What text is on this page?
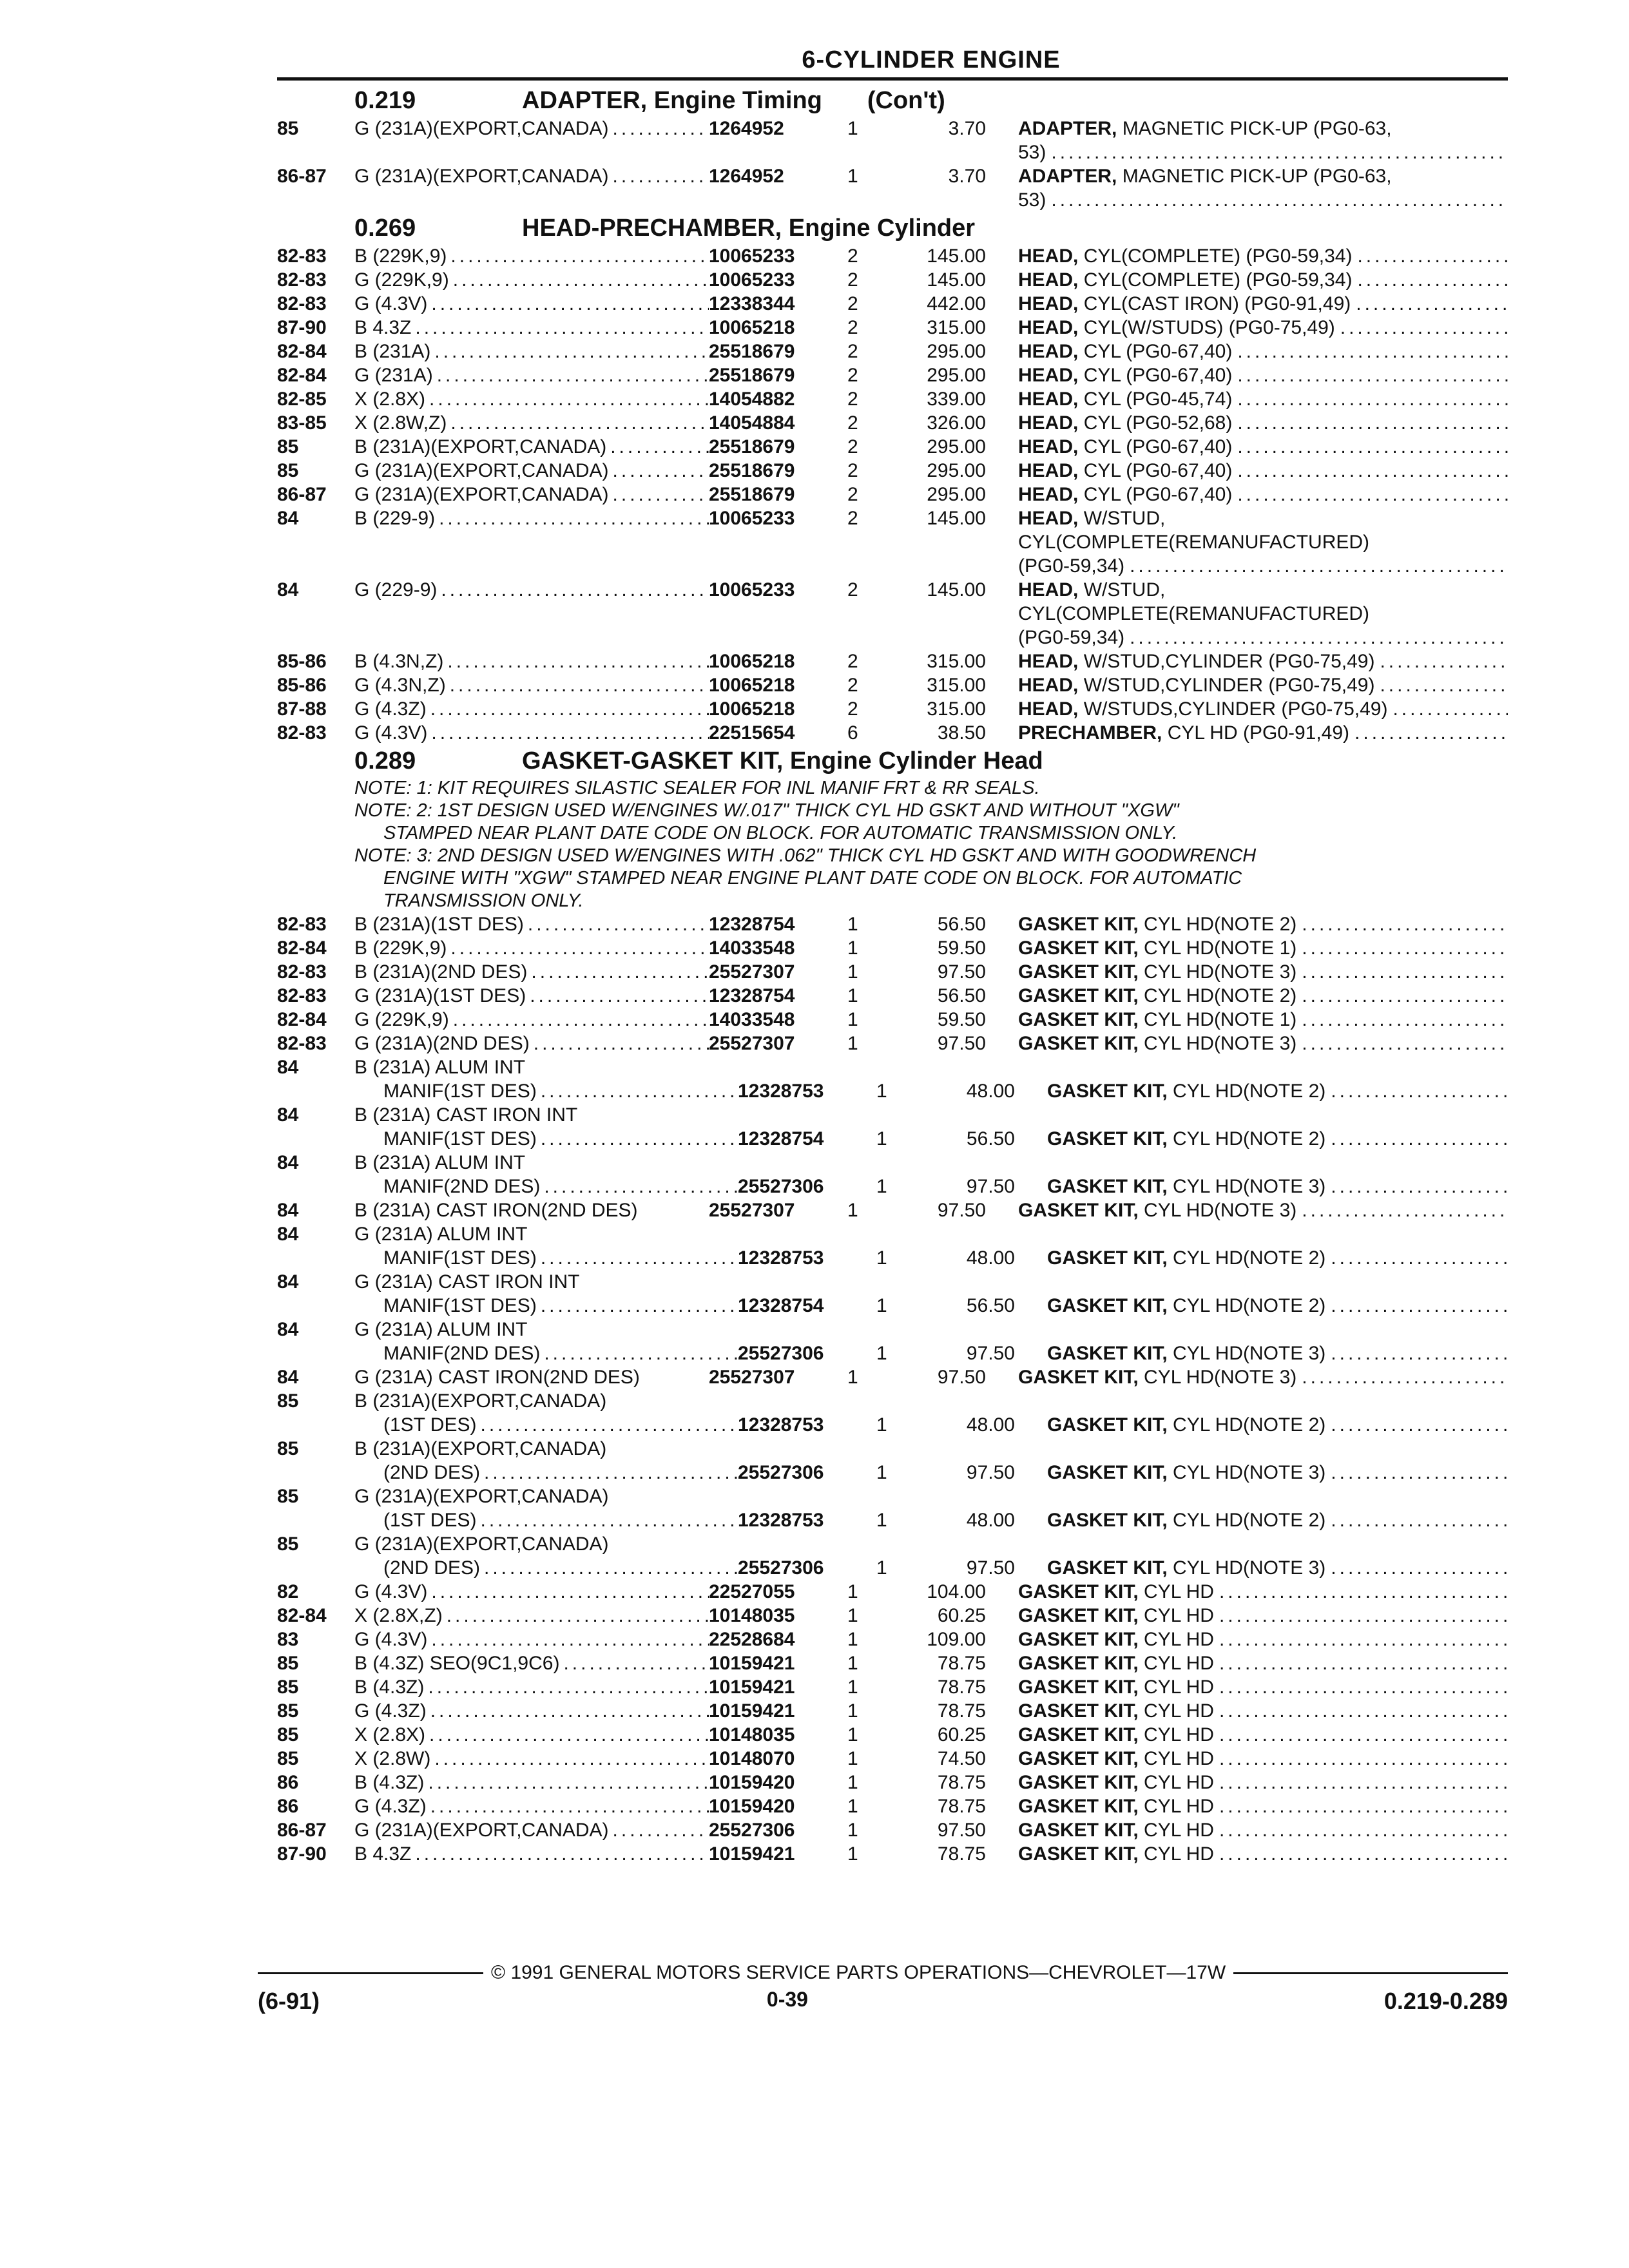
6-CYLINDER ENGINE
0.219	ADAPTER, Engine Timing (Con't)
85	G (231A)(EXPORT,CANADA) .....	1264952	1	3.70	ADAPTER, MAGNETIC PICK-UP (PG0-63,
53)
.....
86-87	G (231A)(EXPORT,CANADA) .....	1264952	1	3.70	ADAPTER, MAGNETIC PICK-UP (PG0-63,
53)
.....
0.269	HEAD-PRECHAMBER, Engine Cylinder
82-83	B (229K,9) .....	10065233	2	145.00	HEAD, CYL(COMPLETE) (PG0-59,34)
.....
82-83	G (229K,9) .....	10065233	2	145.00	HEAD, CYL(COMPLETE) (PG0-59,34)
.....
82-83	G (4.3V) .....	12338344	2	442.00	HEAD, CYL(CAST IRON) (PG0-91,49)
.....
87-90	B 4.3Z .....	10065218	2	315.00	HEAD, CYL(W/STUDS) (PG0-75,49)
.....
82-84	B (231A) .....	25518679	2	295.00	HEAD, CYL (PG0-67,40)
.....
82-84	G (231A) .....	25518679	2	295.00	HEAD, CYL (PG0-67,40)
.....
82-85	X (2.8X) .....	14054882	2	339.00	HEAD, CYL (PG0-45,74)
.....
83-85	X (2.8W,Z) .....	14054884	2	326.00	HEAD, CYL (PG0-52,68)
.....
85	B (231A)(EXPORT,CANADA) .....	25518679	2	295.00	HEAD, CYL (PG0-67,40)
.....
85	G (231A)(EXPORT,CANADA) .....	25518679	2	295.00	HEAD, CYL (PG0-67,40)
.....
86-87	G (231A)(EXPORT,CANADA) .....	25518679	2	295.00	HEAD, CYL (PG0-67,40)
.....
84	B (229-9) .....	10065233	2	145.00	HEAD, W/STUD,
CYL(COMPLETE(REMANUFACTURED)
(PG0-59,34)
.....
84	G (229-9) .....	10065233	2	145.00	HEAD, W/STUD,
CYL(COMPLETE(REMANUFACTURED)
(PG0-59,34)
.....
85-86	B (4.3N,Z) .....	10065218	2	315.00	HEAD, W/STUD,CYLINDER (PG0-75,49)
.....
85-86	G (4.3N,Z) .....	10065218	2	315.00	HEAD, W/STUD,CYLINDER (PG0-75,49)
.....
87-88	G (4.3Z) .....	10065218	2	315.00	HEAD, W/STUDS,CYLINDER (PG0-75,49)
.....
82-83	G (4.3V) .....	22515654	6	38.50	PRECHAMBER, CYL HD (PG0-91,49)
.....
0.289	GASKET-GASKET KIT, Engine Cylinder Head
NOTE: 1: KIT REQUIRES SILASTIC SEALER FOR INL MANIF FRT & RR SEALS.
NOTE: 2: 1ST DESIGN USED W/ENGINES W/.017" THICK CYL HD GSKT AND WITHOUT "XGW"
STAMPED NEAR PLANT DATE CODE ON BLOCK. FOR AUTOMATIC TRANSMISSION ONLY.
NOTE: 3: 2ND DESIGN USED W/ENGINES WITH .062" THICK CYL HD GSKT AND WITH GOODWRENCH
ENGINE WITH "XGW" STAMPED NEAR ENGINE PLANT DATE CODE ON BLOCK. FOR AUTOMATIC
TRANSMISSION ONLY.
82-83	B (231A)(1ST DES) .....	12328754	1	56.50	GASKET KIT, CYL HD(NOTE 2)
.....
82-84	B (229K,9) .....	14033548	1	59.50	GASKET KIT, CYL HD(NOTE 1)
.....
82-83	B (231A)(2ND DES) .....	25527307	1	97.50	GASKET KIT, CYL HD(NOTE 3)
.....
82-83	G (231A)(1ST DES) .....	12328754	1	56.50	GASKET KIT, CYL HD(NOTE 2)
.....
82-84	G (229K,9) .....	14033548	1	59.50	GASKET KIT, CYL HD(NOTE 1)
.....
82-83	G (231A)(2ND DES) .....	25527307	1	97.50	GASKET KIT, CYL HD(NOTE 3)
.....
84	B (231A) ALUM INT
MANIF(1ST DES) .....	12328753	1	48.00	GASKET KIT, CYL HD(NOTE 2)
.....
84	B (231A) CAST IRON INT
MANIF(1ST DES) .....	12328754	1	56.50	GASKET KIT, CYL HD(NOTE 2)
.....
84	B (231A) ALUM INT
MANIF(2ND DES) .....	25527306	1	97.50	GASKET KIT, CYL HD(NOTE 3)
.....
84	B (231A) CAST IRON(2ND DES)	25527307	1	97.50	GASKET KIT, CYL HD(NOTE 3)
.....
84	G (231A) ALUM INT
MANIF(1ST DES) .....	12328753	1	48.00	GASKET KIT, CYL HD(NOTE 2)
.....
84	G (231A) CAST IRON INT
MANIF(1ST DES) .....	12328754	1	56.50	GASKET KIT, CYL HD(NOTE 2)
.....
84	G (231A) ALUM INT
MANIF(2ND DES) .....	25527306	1	97.50	GASKET KIT, CYL HD(NOTE 3)
.....
84	G (231A) CAST IRON(2ND DES)	25527307	1	97.50	GASKET KIT, CYL HD(NOTE 3)
.....
85	B (231A)(EXPORT,CANADA)
(1ST DES) .....	12328753	1	48.00	GASKET KIT, CYL HD(NOTE 2)
.....
85	B (231A)(EXPORT,CANADA)
(2ND DES) .....	25527306	1	97.50	GASKET KIT, CYL HD(NOTE 3)
.....
85	G (231A)(EXPORT,CANADA)
(1ST DES) .....	12328753	1	48.00	GASKET KIT, CYL HD(NOTE 2)
.....
85	G (231A)(EXPORT,CANADA)
(2ND DES) .....	25527306	1	97.50	GASKET KIT, CYL HD(NOTE 3)
.....
82	G (4.3V) .....	22527055	1	104.00	GASKET KIT, CYL HD
.....
82-84	X (2.8X,Z) .....	10148035	1	60.25	GASKET KIT, CYL HD
.....
83	G (4.3V) .....	22528684	1	109.00	GASKET KIT, CYL HD
.....
85	B (4.3Z) SEO(9C1,9C6) .....	10159421	1	78.75	GASKET KIT, CYL HD
.....
85	B (4.3Z) .....	10159421	1	78.75	GASKET KIT, CYL HD
.....
85	G (4.3Z) .....	10159421	1	78.75	GASKET KIT, CYL HD
.....
85	X (2.8X) .....	10148035	1	60.25	GASKET KIT, CYL HD
.....
85	X (2.8W) .....	10148070	1	74.50	GASKET KIT, CYL HD
.....
86	B (4.3Z) .....	10159420	1	78.75	GASKET KIT, CYL HD
.....
86	G (4.3Z) .....	10159420	1	78.75	GASKET KIT, CYL HD
.....
86-87	G (231A)(EXPORT,CANADA) .....	25527306	1	97.50	GASKET KIT, CYL HD
.....
87-90	B 4.3Z .....	10159421	1	78.75	GASKET KIT, CYL HD
.....
© 1991 GENERAL MOTORS SERVICE PARTS OPERATIONS—CHEVROLET—17W
(6-91)	0-39	0.219-0.289
